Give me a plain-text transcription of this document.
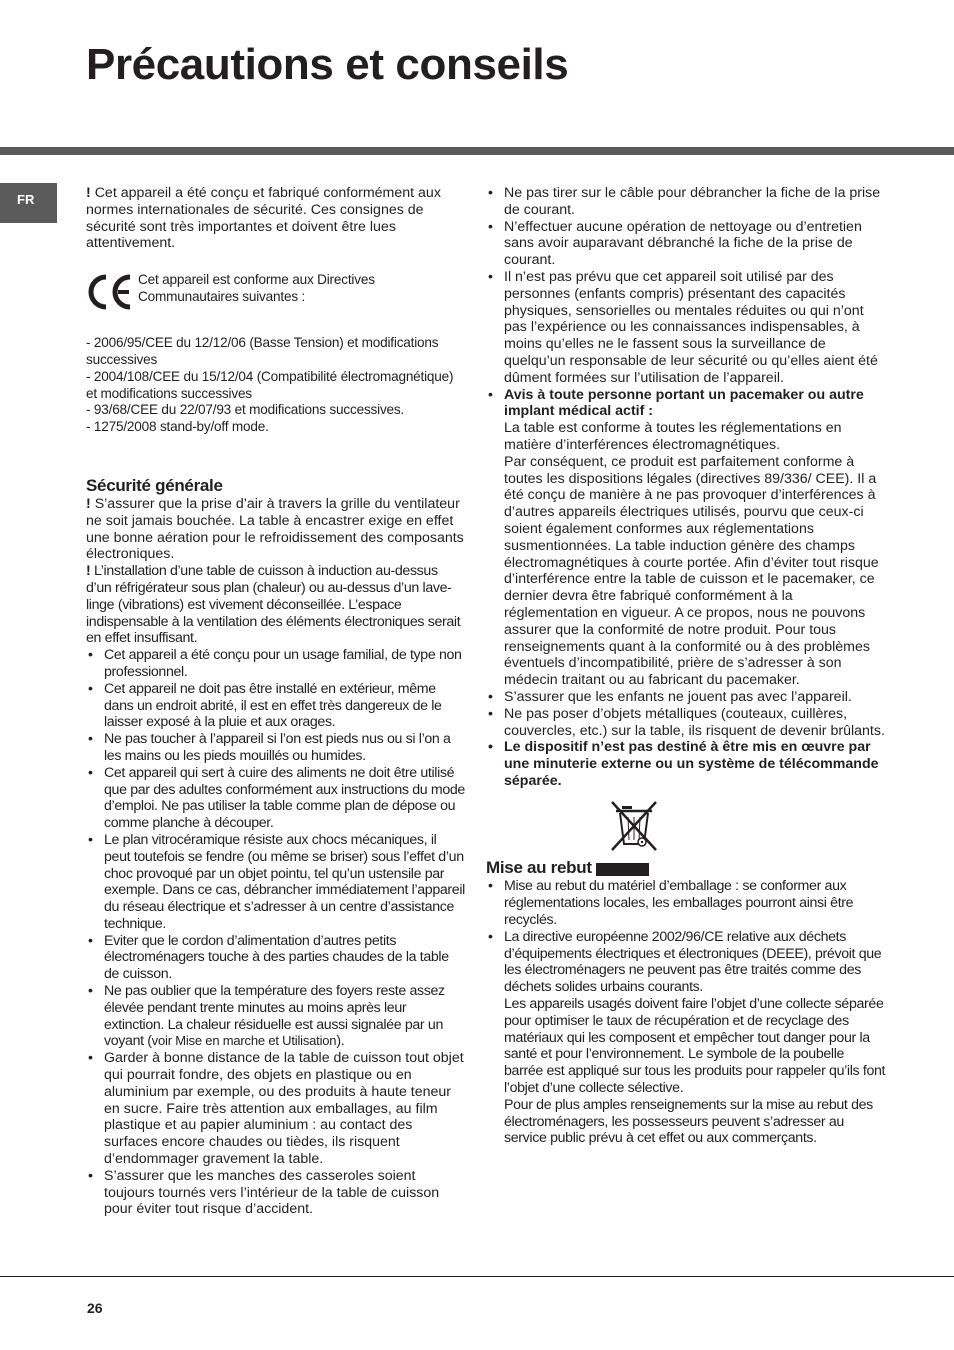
Précautions et conseils
FR	! Cet appareil a été conçu et fabriqué conformément aux normes internationales de sécurité. Ces consignes de sécurité sont très importantes et doivent être lues attentivement.

Cet appareil est conforme aux Directives Communautaires suivantes :
- 2006/95/CEE du 12/12/06 (Basse Tension) et modifications successives
- 2004/108/CEE du 15/12/04 (Compatibilité électromagnétique) et modifications successives
- 93/68/CEE du 22/07/93 et modifications successives.
- 1275/2008 stand-by/off mode.
Sécurité générale

! S’assurer que la prise d’air à travers la grille du ventilateur ne soit jamais bouchée. La table à encastrer exige en effet une bonne aération pour le refroidissement des composants électroniques.

! L’installation d’une table de cuisson à induction au-dessus d’un réfrigérateur sous plan (chaleur) ou au-dessus d’un lave-linge (vibrations) est vivement déconseillée. L’espace indispensable à la ventilation des éléments électroniques serait en effet insuffisant.

• Cet appareil a été conçu pour un usage familial, de type non professionnel.
• Cet appareil ne doit pas être installé en extérieur, même dans un endroit abrité, il est en effet très dangereux de le laisser exposé à la pluie et aux orages.
• Ne pas toucher à l’appareil si l’on est pieds nus ou si l’on a les mains ou les pieds mouillés ou humides.
• Cet appareil qui sert à cuire des aliments ne doit être utilisé que par des adultes conformément aux instructions du mode d’emploi. Ne pas utiliser la table comme plan de dépose ou comme planche à découper.
• Le plan vitrocéramique résiste aux chocs mécaniques, il peut toutefois se fendre (ou même se briser) sous l’effet d’un choc provoqué par un objet pointu, tel qu’un ustensile par exemple. Dans ce cas, débrancher immédiatement l’appareil du réseau électrique et s’adresser à un centre d’assistance technique.
• Eviter que le cordon d’alimentation d’autres petits électroménagers touche à des parties chaudes de la table de cuisson.
• Ne pas oublier que la température des foyers reste assez élevée pendant trente minutes au moins après leur extinction. La chaleur résiduelle est aussi signalée par un voyant (voir Mise en marche et Utilisation).
• Garder à bonne distance de la table de cuisson tout objet qui pourrait fondre, des objets en plastique ou en aluminium par exemple, ou des produits à haute teneur en sucre. Faire très attention aux emballages, au film plastique et au papier aluminium : au contact des surfaces encore chaudes ou tièdes, ils risquent d’endommager gravement la table.
• S’assurer que les manches des casseroles soient toujours tournés vers l’intérieur de la table de cuisson pour éviter tout risque d’accident.
• Ne pas tirer sur le câble pour débrancher la fiche de la prise de courant.
• N’effectuer aucune opération de nettoyage ou d’entretien sans avoir auparavant débranché la fiche de la prise de courant.
• Il n’est pas prévu que cet appareil soit utilisé par des personnes (enfants compris) présentant des capacités physiques, sensorielles ou mentales réduites ou qui n’ont pas l’expérience ou les connaissances indispensables, à moins qu’elles ne le fassent sous la surveillance de quelqu’un responsable de leur sécurité ou qu’elles aient été dûment formées sur l’utilisation de l’appareil.
• Avis à toute personne portant un pacemaker ou autre implant médical actif :
La table est conforme à toutes les réglementations en matière d’interférences électromagnétiques.
Par conséquent, ce produit est parfaitement conforme à toutes les dispositions légales (directives 89/336/ CEE). Il a été conçu de manière à ne pas provoquer d’interférences à d’autres appareils électriques utilisés, pourvu que ceux-ci soient également conformes aux réglementations susmentionnées. La table induction génère des champs électromagnétiques à courte portée. Afin d’éviter tout risque d’interférence entre la table de cuisson et le pacemaker, ce dernier devra être fabriqué conformément à la réglementation en vigueur. A ce propos, nous ne pouvons assurer que la conformité de notre produit. Pour tous renseignements quant à la conformité ou à des problèmes éventuels d’incompatibilité, prière de s’adresser à son médecin traitant ou au fabricant du pacemaker.
• S’assurer que les enfants ne jouent pas avec l’appareil.
• Ne pas poser d’objets métalliques (couteaux, cuillères, couvercles, etc.) sur la table, ils risquent de devenir brûlants.
• Le dispositif n’est pas destiné à être mis en œuvre par une minuterie externe ou un système de télécommande séparée.
Mise au rebut
• Mise au rebut du matériel d’emballage : se conformer aux réglementations locales, les emballages pourront ainsi être recyclés.
• La directive européenne 2002/96/CE relative aux déchets d’équipements électriques et électroniques (DEEE), prévoit que les électroménagers ne peuvent pas être traités comme des déchets solides urbains courants.
Les appareils usagés doivent faire l’objet d’une collecte séparée pour optimiser le taux de récupération et de recyclage des matériaux qui les composent et empêcher tout danger pour la santé et pour l’environnement. Le symbole de la poubelle barrée est appliqué sur tous les produits pour rappeler qu’ils font l’objet d’une collecte sélective.
Pour de plus amples renseignements sur la mise au rebut des électroménagers, les possesseurs peuvent s’adresser au service public prévu à cet effet ou aux commerçants.
26
